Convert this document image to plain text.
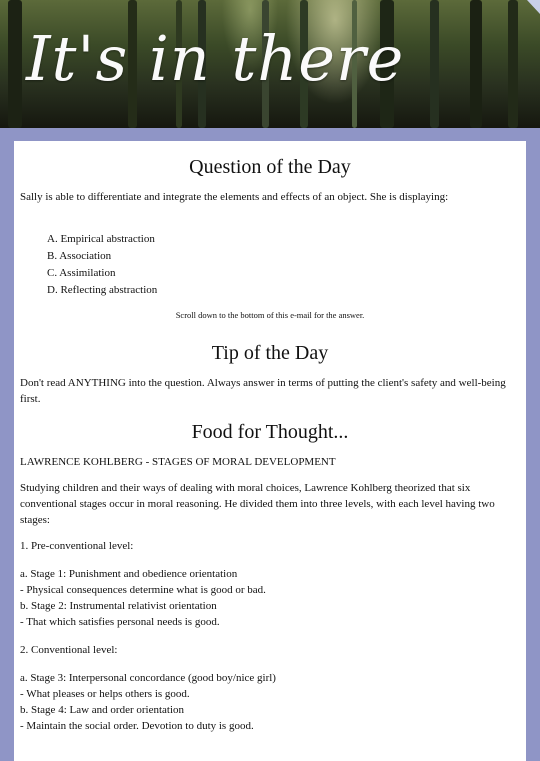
It's in there
Question of the Day

Sally is able to differentiate and integrate the elements and effects of an object. She is displaying:

A. Empirical abstraction
B. Association
C. Assimilation
D. Reflecting abstraction

Scroll down to the bottom of this e-mail for the answer.

Tip of the Day

Don't read ANYTHING into the question. Always answer in terms of putting the client's safety and well-being first.

Food for Thought...

LAWRENCE KOHLBERG - STAGES OF MORAL DEVELOPMENT

Studying children and their ways of dealing with moral choices, Lawrence Kohlberg theorized that six conventional stages occur in moral reasoning. He divided them into three levels, with each level having two stages:

1. Pre-conventional level:

a. Stage 1: Punishment and obedience orientation

- Physical consequences determine what is good or bad.

b. Stage 2: Instrumental relativist orientation

- That which satisfies personal needs is good.

2. Conventional level:

a. Stage 3: Interpersonal concordance (good boy/nice girl)

- What pleases or helps others is good.

b. Stage 4: Law and order orientation

- Maintain the social order. Devotion to duty is good.
